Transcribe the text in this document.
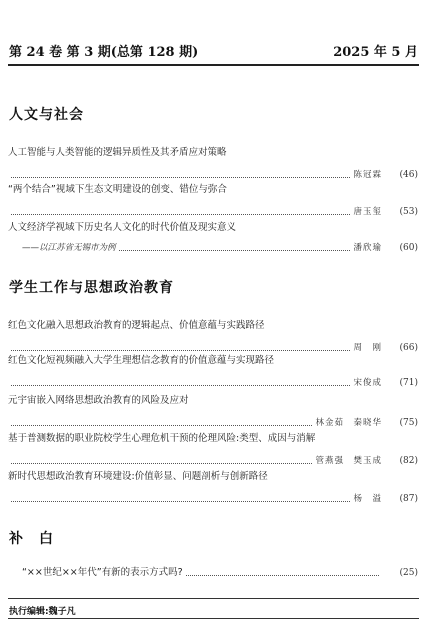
第 24 卷 第 3 期(总第 128 期)	2025 年 5 月
人文与社会
人工智能与人类智能的逻辑异质性及其矛盾应对策略
陈冠霖	(46)
“两个结合”视域下生态文明建设的创变、错位与弥合
唐玉玺	(53)
人文经济学视域下历史名人文化的时代价值及现实意义
——以江苏省无锡市为例	潘欣瑜	(60)
学生工作与思想政治教育
红色文化融入思想政治教育的逻辑起点、价值意蕴与实践路径
周　刚	(66)
红色文化短视频融入大学生理想信念教育的价值意蕴与实现路径
宋俊成	(71)
元宇宙嵌入网络思想政治教育的风险及应对
林金茹　秦晓华	(75)
基于普测数据的职业院校学生心理危机干预的伦理风险:类型、成因与消解
管燕强　樊玉成	(82)
新时代思想政治教育环境建设:价值彰显、问题剖析与创新路径
杨　溢	(87)
补　白
“××世纪××年代”有新的表示方式吗?	(25)
执行编辑:魏子凡
